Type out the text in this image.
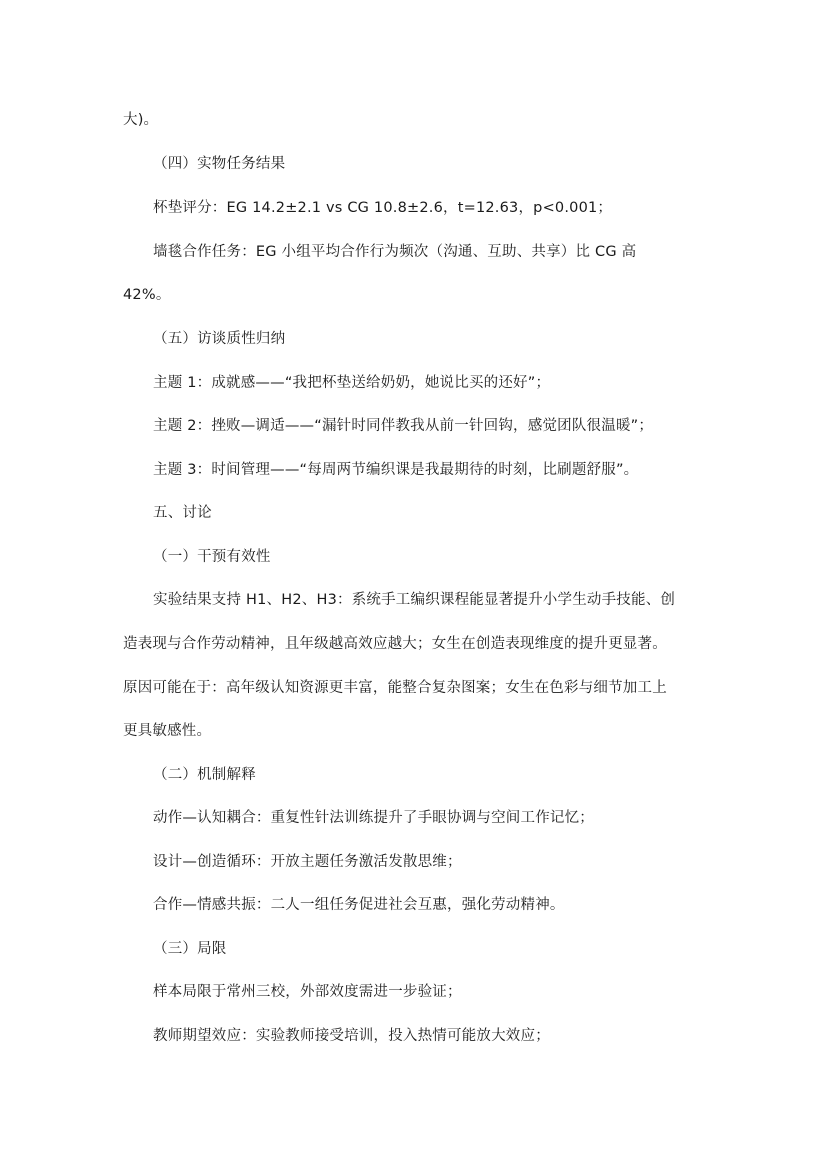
大)。
（四）实物任务结果
杯垫评分：EG 14.2±2.1 vs CG 10.8±2.6，t=12.63，p<0.001；
墙毯合作任务：EG 小组平均合作行为频次（沟通、互助、共享）比 CG 高
42%。
（五）访谈质性归纳
主题 1：成就感——“我把杯垫送给奶奶，她说比买的还好”；
主题 2：挫败—调适——“漏针时同伴教我从前一针回钩，感觉团队很温暖”；
主题 3：时间管理——“每周两节编织课是我最期待的时刻，比刷题舒服”。
五、讨论
（一）干预有效性
实验结果支持 H1、H2、H3：系统手工编织课程能显著提升小学生动手技能、创
造表现与合作劳动精神，且年级越高效应越大；女生在创造表现维度的提升更显著。
原因可能在于：高年级认知资源更丰富，能整合复杂图案；女生在色彩与细节加工上
更具敏感性。
（二）机制解释
动作—认知耦合：重复性针法训练提升了手眼协调与空间工作记忆；
设计—创造循环：开放主题任务激活发散思维；
合作—情感共振：二人一组任务促进社会互惠，强化劳动精神。
（三）局限
样本局限于常州三校，外部效度需进一步验证；
教师期望效应：实验教师接受培训，投入热情可能放大效应；
